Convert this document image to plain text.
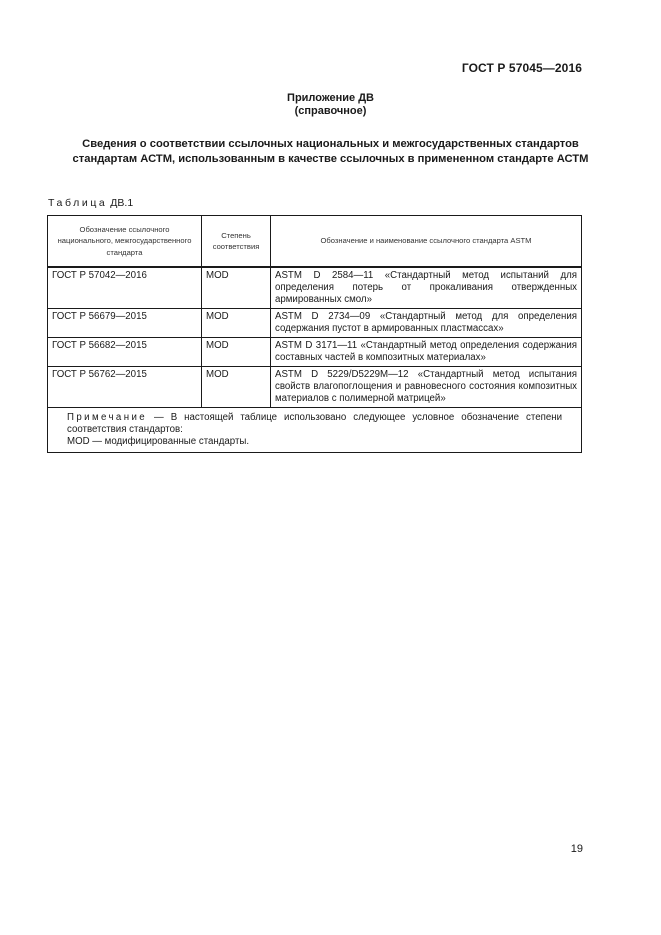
ГОСТ Р 57045—2016
Приложение ДВ
(справочное)
Сведения о соответствии ссылочных национальных и межгосударственных стандартов
стандартам АСТМ, использованным в качестве ссылочных в примененном стандарте АСТМ
Таблица ДВ.1
Обозначение ссылочного национального, межгосударственного стандарта	Степень соответствия	Обозначение и наименование ссылочного стандарта ASTM
ГОСТ Р 57042—2016	MOD	ASTM D 2584—11 «Стандартный метод испытаний для определения потерь от прокаливания отвержденных армированных смол»
ГОСТ Р 56679—2015	MOD	ASTM D 2734—09 «Стандартный метод для определения содержания пустот в армированных пластмассах»
ГОСТ Р 56682—2015	MOD	ASTM D 3171—11 «Стандартный метод определения содержания составных частей в композитных материалах»
ГОСТ Р 56762—2015	MOD	ASTM D 5229/D5229M—12 «Стандартный метод испытания свойств влагопоглощения и равновесного состояния композитных материалов с полимерной матрицей»
Примечание — В настоящей таблице использовано следующее условное обозначение степени соответствия стандартов:
MOD — модифицированные стандарты.		
19
